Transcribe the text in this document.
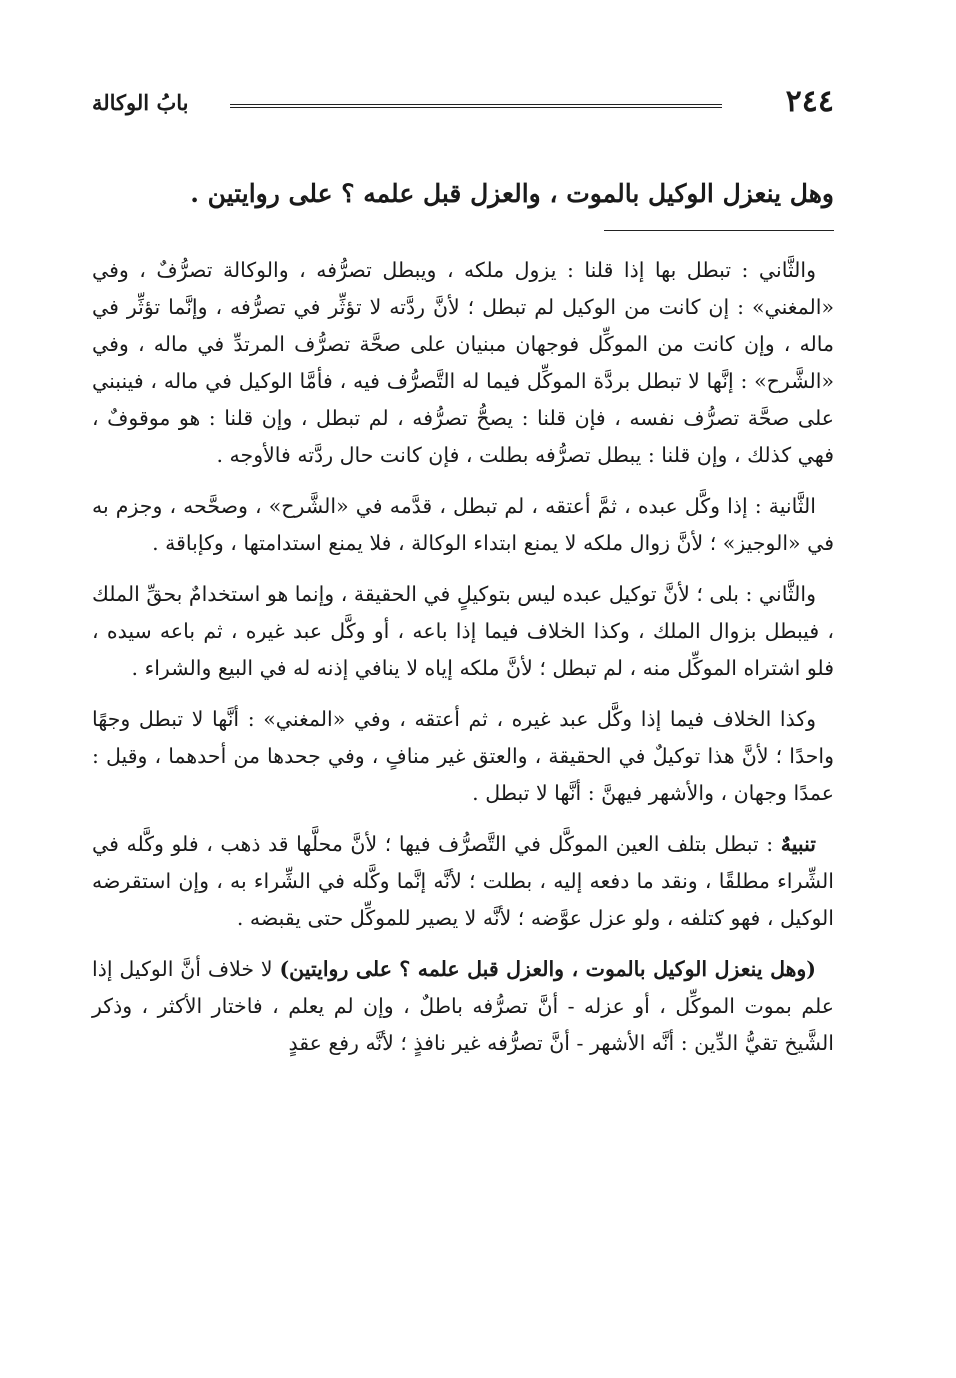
٢٤٤
بابُ الوكالة
وهل ينعزل الوكيل بالموت ، والعزل قبل علمه ؟ على روايتين .

والثَّاني : تبطل بها إذا قلنا : يزول ملكه ، ويبطل تصرُّفه ، والوكالة تصرُّفٌ ، وفي «المغني» : إن كانت من الوكيل لم تبطل ؛ لأنَّ ردَّته لا تؤثِّر في تصرُّفه ، وإنَّما تؤثِّر في ماله ، وإن كانت من الموكِّل فوجهان مبنيان على صحَّة تصرُّف المرتدِّ في ماله ، وفي «الشَّرح» : إنَّها لا تبطل بردَّة الموكِّل فيما له التَّصرُّف فيه ، فأمَّا الوكيل في ماله ، فينبني على صحَّة تصرُّف نفسه ، فإن قلنا : يصحُّ تصرُّفه ، لم تبطل ، وإن قلنا : هو موقوفٌ ، فهي كذلك ، وإن قلنا : يبطل تصرُّفه بطلت ، فإن كانت حال ردَّته فالأوجه .

الثَّانية : إذا وكَّل عبده ، ثمَّ أعتقه ، لم تبطل ، قدَّمه في «الشَّرح» ، وصحَّحه ، وجزم به في «الوجيز» ؛ لأنَّ زوال ملكه لا يمنع ابتداء الوكالة ، فلا يمنع استدامتها ، وكإباقة .

والثَّاني : بلى ؛ لأنَّ توكيل عبده ليس بتوكيلٍ في الحقيقة ، وإنما هو استخدامٌ بحقِّ الملك ، فيبطل بزوال الملك ، وكذا الخلاف فيما إذا باعه ، أو وكَّل عبد غيره ، ثم باعه سيده ، فلو اشتراه الموكِّل منه ، لم تبطل ؛ لأنَّ ملكه إياه لا ينافي إذنه له في البيع والشراء .

وكذا الخلاف فيما إذا وكَّل عبد غيره ، ثم أعتقه ، وفي «المغني» : أنَّها لا تبطل وجهًا واحدًا ؛ لأنَّ هذا توكيلٌ في الحقيقة ، والعتق غير منافٍ ، وفي جحدها من أحدهما ، وقيل : عمدًا وجهان ، والأشهر فيهنَّ : أنَّها لا تبطل .

تنبيهٌ : تبطل بتلف العين الموكَّل في التَّصرُّف فيها ؛ لأنَّ محلَّها قد ذهب ، فلو وكَّله في الشِّراء مطلقًا ، ونقد ما دفعه إليه ، بطلت ؛ لأنَّه إنَّما وكَّله في الشِّراء به ، وإن استقرضه الوكيل ، فهو كتلفه ، ولو عزل عوَّضه ؛ لأنَّه لا يصير للموكِّل حتى يقبضه .

(وهل ينعزل الوكيل بالموت ، والعزل قبل علمه ؟ على روايتين) لا خلاف أنَّ الوكيل إذا علم بموت الموكِّل ، أو عزله - أنَّ تصرُّفه باطلٌ ، وإن لم يعلم ، فاختار الأكثر ، وذكر الشَّيخ تقيُّ الدِّين : أنَّه الأشهر - أنَّ تصرُّفه غير نافذٍ ؛ لأنَّه رفع عقدٍ
